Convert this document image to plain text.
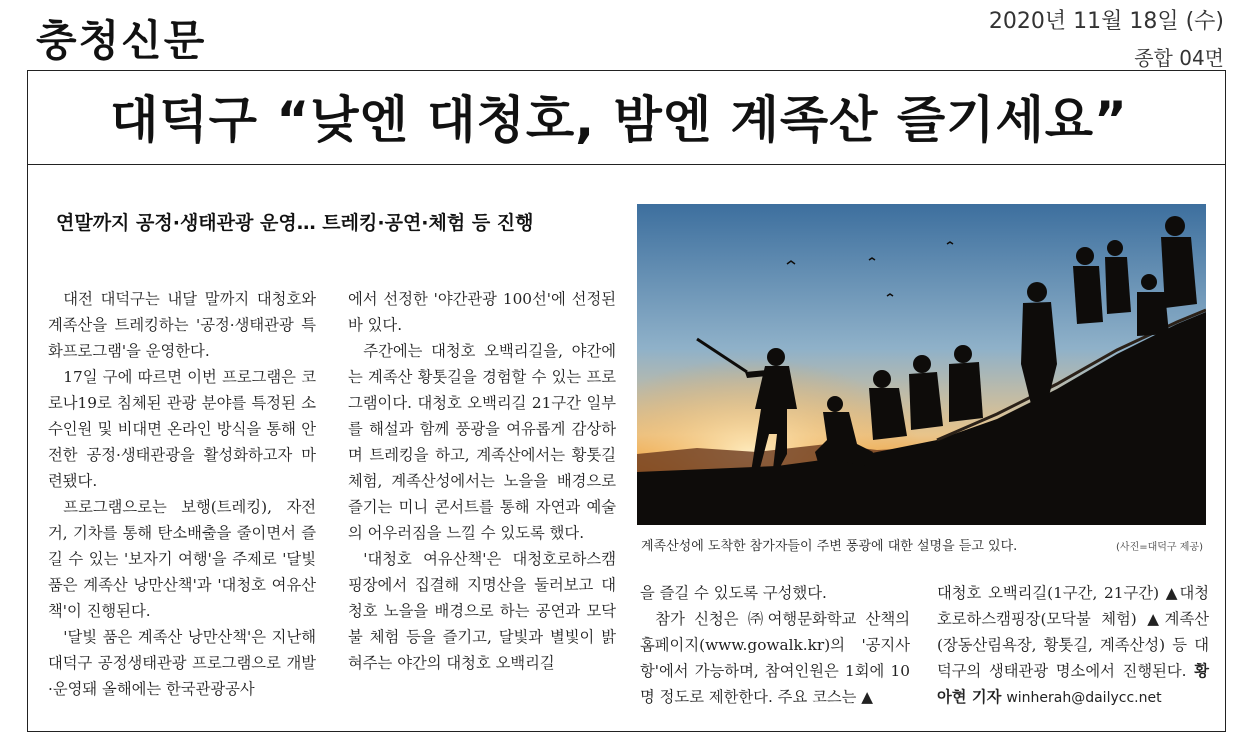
충청신문	2020년 11월 18일 (수)
종합 04면
대덕구 “낮엔 대청호, 밤엔 계족산 즐기세요”
연말까지 공정·생태관광 운영… 트레킹·공연·체험 등 진행

대전 대덕구는 내달 말까지 대청호와 계족산을 트레킹하는 '공정·생태관광 특화프로그램'을 운영한다.

17일 구에 따르면 이번 프로그램은 코로나19로 침체된 관광 분야를 특정된 소수인원 및 비대면 온라인 방식을 통해 안전한 공정·생태관광을 활성화하고자 마련됐다.

프로그램으로는 보행(트레킹), 자전거, 기차를 통해 탄소배출을 줄이면서 즐길 수 있는 '보자기 여행'을 주제로 '달빛 품은 계족산 낭만산책'과 '대청호 여유산책'이 진행된다.

'달빛 품은 계족산 낭만산책'은 지난해 대덕구 공정생태관광 프로그램으로 개발·운영돼 올해에는 한국관광공사

에서 선정한 '야간관광 100선'에 선정된 바 있다.

주간에는 대청호 오백리길을, 야간에는 계족산 황톳길을 경험할 수 있는 프로그램이다. 대청호 오백리길 21구간 일부를 해설과 함께 풍광을 여유롭게 감상하며 트레킹을 하고, 계족산에서는 황톳길 체험, 계족산성에서는 노을을 배경으로 즐기는 미니 콘서트를 통해 자연과 예술의 어우러짐을 느낄 수 있도록 했다.

'대청호 여유산책'은 대청호로하스캠핑장에서 집결해 지명산을 둘러보고 대청호 노을을 배경으로 하는 공연과 모닥불 체험 등을 즐기고, 달빛과 별빛이 밝혀주는 야간의 대청호 오백리길

계족산성에 도착한 참가자들이 주변 풍광에 대한 설명을 듣고 있다.	(사진=대덕구 제공)

을 즐길 수 있도록 구성했다.

참가 신청은 ㈜여행문화학교 산책의 홈페이지(www.gowalk.kr)의 '공지사항'에서 가능하며, 참여인원은 1회에 10명 정도로 제한한다. 주요 코스는 ▲

대청호 오백리길(1구간, 21구간) ▲대청호로하스캠핑장(모닥불 체험) ▲계족산(장동산림욕장, 황톳길, 계족산성) 등 대덕구의 생태관광 명소에서 진행된다. 황아현 기자 winherah@dailycc.net
